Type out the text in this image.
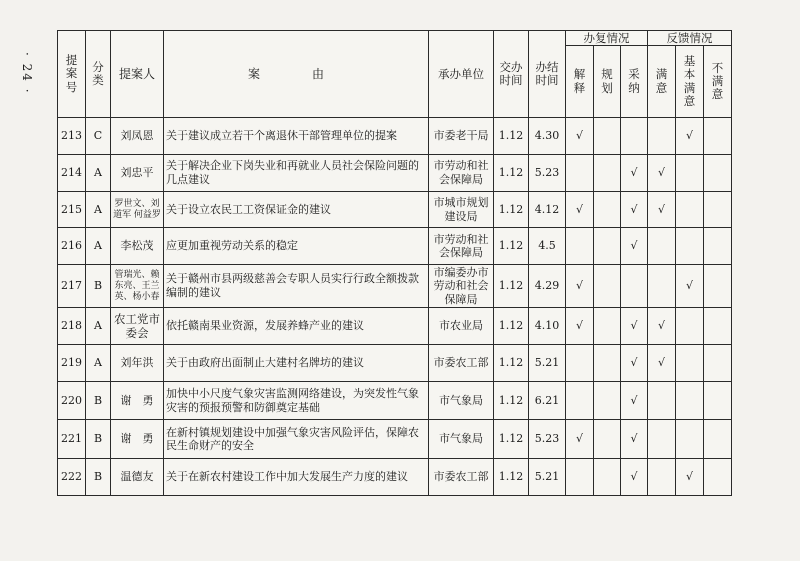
· 24 ·	提案号	分类	提案人	案　由	承办单位	交办时间	办结时间	办复情况			反馈情况		
							解释	规划	采纳	满意	基本满意	不满意
213	C	刘凤恩	关于建议成立若干个离退休干部管理单位的提案	市委老干局	1.12	4.30	√				√	
214	A	刘忠平	关于解决企业下岗失业和再就业人员社会保险问题的几点建议	市劳动和社会保障局	1.12	5.23			√	√		
215	A	罗世文、刘道军 何益罗	关于设立农民工工资保证金的建议	市城市规划建设局	1.12	4.12	√		√	√		
216	A	李松茂	应更加重视劳动关系的稳定	市劳动和社会保障局	1.12	4.5			√			
217	B	管瑞光、赖东亮、王兰英、杨小春	关于赣州市县两级慈善会专职人员实行行政全额拨款编制的建议	市编委办市劳动和社会保障局	1.12	4.29	√				√	
218	A	农工党市委会	依托赣南果业资源，发展养蜂产业的建议	市农业局	1.12	4.10	√		√	√		
219	A	刘年洪	关于由政府出面制止大建村名牌坊的建议	市委农工部	1.12	5.21			√	√		
220	B	谢　勇	加快中小尺度气象灾害监测网络建设，为突发性气象灾害的预报预警和防御奠定基础	市气象局	1.12	6.21			√			
221	B	谢　勇	在新村镇规划建设中加强气象灾害风险评估，保障农民生命财产的安全	市气象局	1.12	5.23	√		√			
222	B	温德友	关于在新农村建设工作中加大发展生产力度的建议	市委农工部	1.12	5.21			√		√	
